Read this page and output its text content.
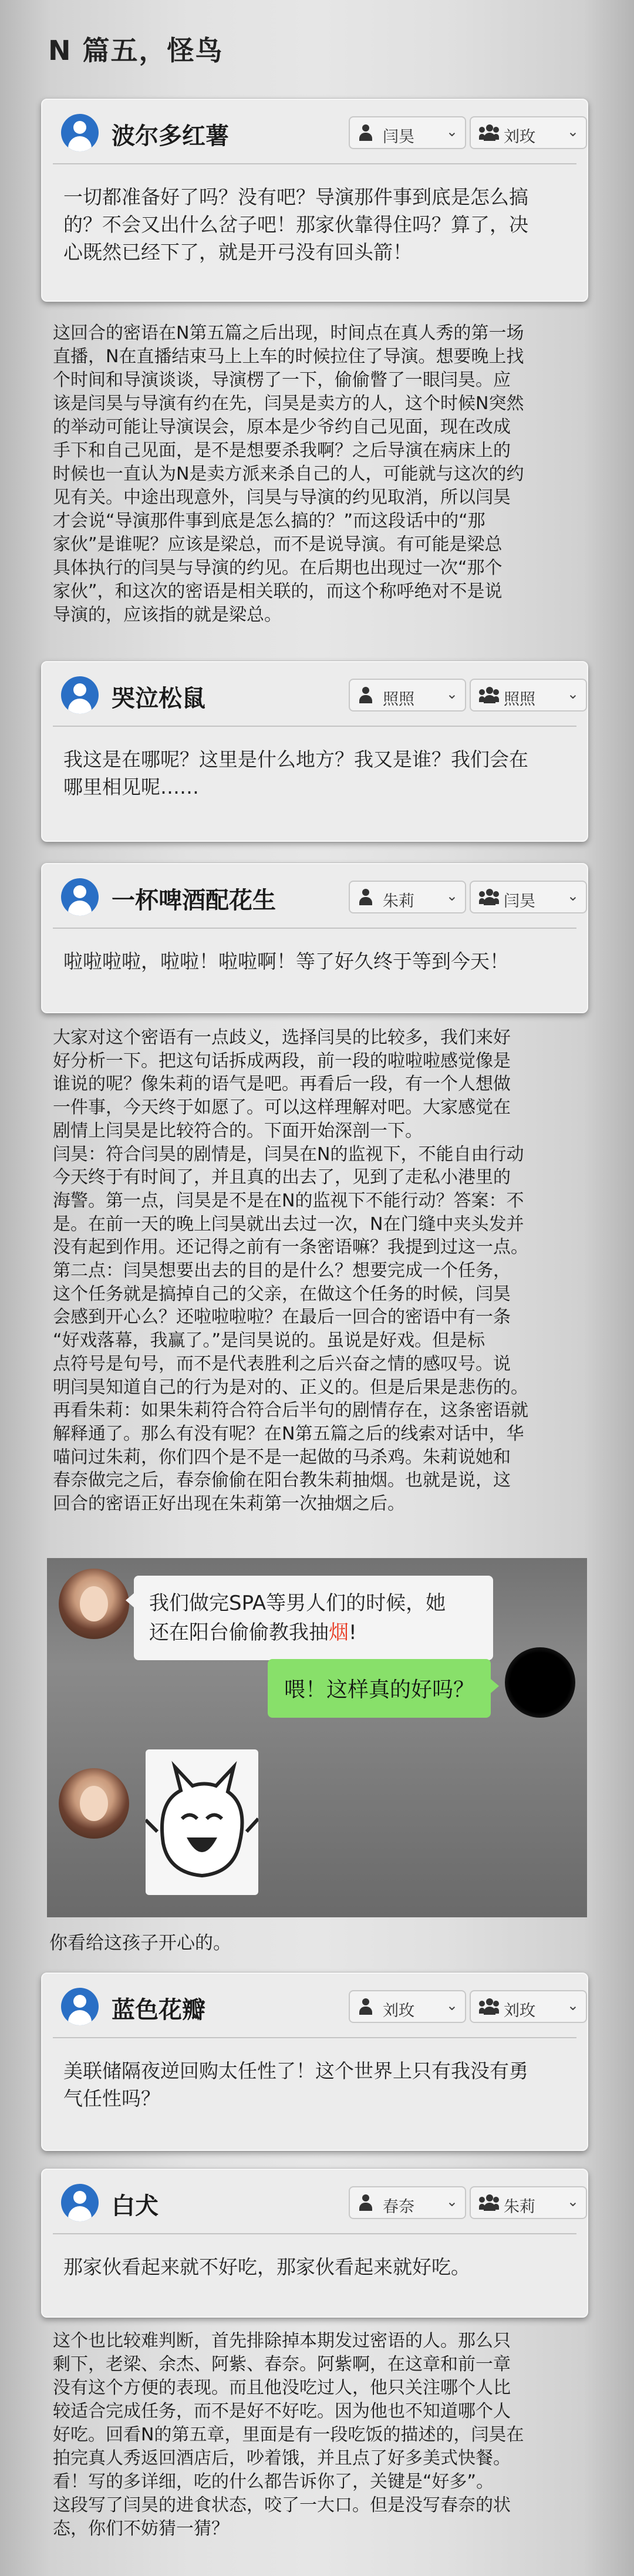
N 篇五，怪鸟
波尔多红薯	闫昊 ⌄	刘玫 ⌄
一切都准备好了吗？没有吧？导演那件事到底是怎么搞
的？不会又出什么岔子吧！那家伙靠得住吗？算了，决
心既然已经下了，就是开弓没有回头箭！
这回合的密语在N第五篇之后出现，时间点在真人秀的第一场
直播，N在直播结束马上上车的时候拉住了导演。想要晚上找
个时间和导演谈谈，导演楞了一下，偷偷瞥了一眼闫昊。应
该是闫昊与导演有约在先，闫昊是卖方的人，这个时候N突然
的举动可能让导演误会，原本是少爷约自己见面，现在改成
手下和自己见面，是不是想要杀我啊？之后导演在病床上的
时候也一直认为N是卖方派来杀自己的人，可能就与这次的约
见有关。中途出现意外，闫昊与导演的约见取消，所以闫昊
才会说“导演那件事到底是怎么搞的？”而这段话中的“那
家伙”是谁呢？应该是梁总，而不是说导演。有可能是梁总
具体执行的闫昊与导演的约见。在后期也出现过一次“那个
家伙”，和这次的密语是相关联的，而这个称呼绝对不是说
导演的，应该指的就是梁总。
哭泣松鼠	照照 ⌄	照照 ⌄
我这是在哪呢？这里是什么地方？我又是谁？我们会在
哪里相见呢……
一杯啤酒配花生	朱莉 ⌄	闫昊 ⌄
啦啦啦啦，啦啦！啦啦啊！等了好久终于等到今天！
大家对这个密语有一点歧义，选择闫昊的比较多，我们来好
好分析一下。把这句话拆成两段，前一段的啦啦啦感觉像是
谁说的呢？像朱莉的语气是吧。再看后一段，有一个人想做
一件事，今天终于如愿了。可以这样理解对吧。大家感觉在
剧情上闫昊是比较符合的。下面开始深剖一下。
闫昊：符合闫昊的剧情是，闫昊在N的监视下，不能自由行动
今天终于有时间了，并且真的出去了，见到了走私小港里的
海警。第一点，闫昊是不是在N的监视下不能行动？答案：不
是。在前一天的晚上闫昊就出去过一次，N在门缝中夹头发并
没有起到作用。还记得之前有一条密语嘛？我提到过这一点。
第二点：闫昊想要出去的目的是什么？想要完成一个任务，
这个任务就是搞掉自己的父亲，在做这个任务的时候，闫昊
会感到开心么？还啦啦啦啦？在最后一回合的密语中有一条
“好戏落幕，我赢了。”是闫昊说的。虽说是好戏。但是标
点符号是句号，而不是代表胜利之后兴奋之情的感叹号。说
明闫昊知道自己的行为是对的、正义的。但是后果是悲伤的。
再看朱莉：如果朱莉符合符合后半句的剧情存在，这条密语就
解释通了。那么有没有呢？在N第五篇之后的线索对话中，华
喵问过朱莉，你们四个是不是一起做的马杀鸡。朱莉说她和
春奈做完之后，春奈偷偷在阳台教朱莉抽烟。也就是说，这
回合的密语正好出现在朱莉第一次抽烟之后。
我们做完SPA等男人们的时候，她
还在阳台偷偷教我抽烟!
喂！这样真的好吗？
你看给这孩子开心的。
蓝色花瓣	刘玫 ⌄	刘玫 ⌄
美联储隔夜逆回购太任性了！这个世界上只有我没有勇
气任性吗？
白犬	春奈 ⌄	朱莉 ⌄
那家伙看起来就不好吃，那家伙看起来就好吃。
这个也比较难判断，首先排除掉本期发过密语的人。那么只
剩下，老梁、余杰、阿紫、春奈。阿紫啊，在这章和前一章
没有这个方便的表现。而且他没吃过人，他只关注哪个人比
较适合完成任务，而不是好不好吃。因为他也不知道哪个人
好吃。回看N的第五章，里面是有一段吃饭的描述的，闫昊在
拍完真人秀返回酒店后，吵着饿，并且点了好多美式快餐。
看！写的多详细，吃的什么都告诉你了，关键是“好多”。
这段写了闫昊的进食状态，咬了一大口。但是没写春奈的状
态，你们不妨猜一猜？
